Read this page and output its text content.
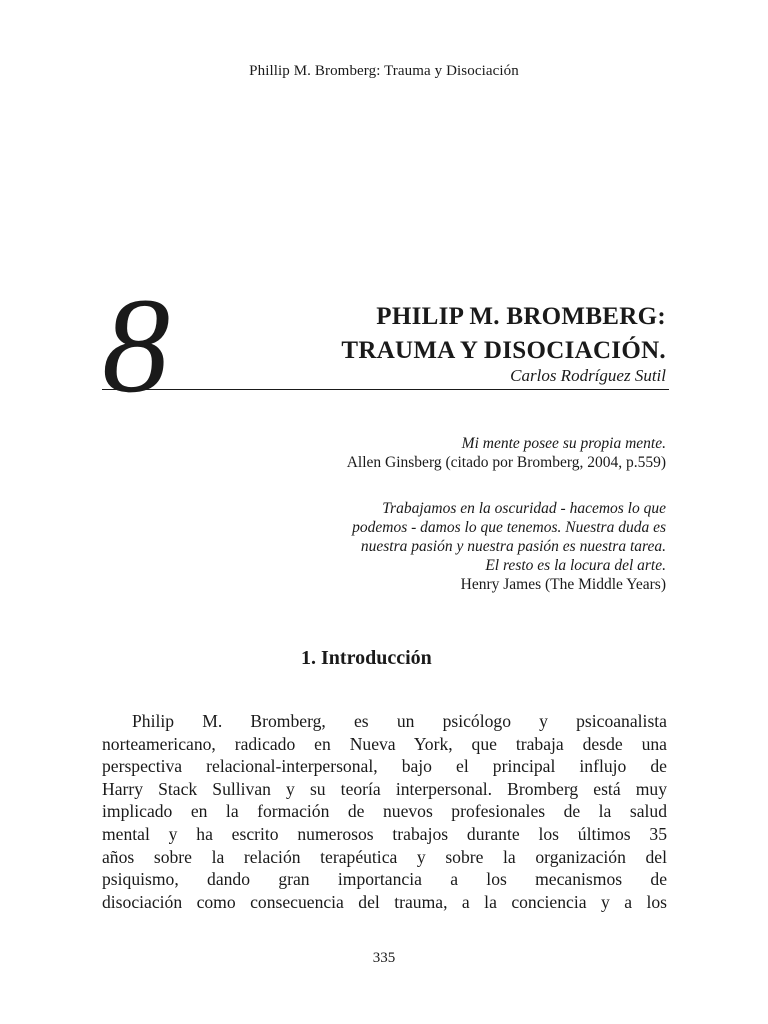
Phillip M. Bromberg: Trauma y Disociación
8	PHILIP M. BROMBERG:
TRAUMA Y DISOCIACIÓN.
Carlos Rodríguez Sutil
Mi mente posee su propia mente.
Allen Ginsberg (citado por Bromberg, 2004, p.559)
Trabajamos en la oscuridad - hacemos lo que
podemos - damos lo que tenemos. Nuestra duda es
nuestra pasión y nuestra pasión es nuestra tarea.
El resto es la locura del arte.
Henry James (The Middle Years)
1. Introducción
Philip M. Bromberg, es un psicólogo y psicoanalista
norteamericano, radicado en Nueva York, que trabaja desde una
perspectiva relacional-interpersonal, bajo el principal influjo de
Harry Stack Sullivan y su teoría interpersonal. Bromberg está muy
implicado en la formación de nuevos profesionales de la salud
mental y ha escrito numerosos trabajos durante los últimos 35
años sobre la relación terapéutica y sobre la organización del
psiquismo, dando gran importancia a los mecanismos de
disociación como consecuencia del trauma, a la conciencia y a los
335
